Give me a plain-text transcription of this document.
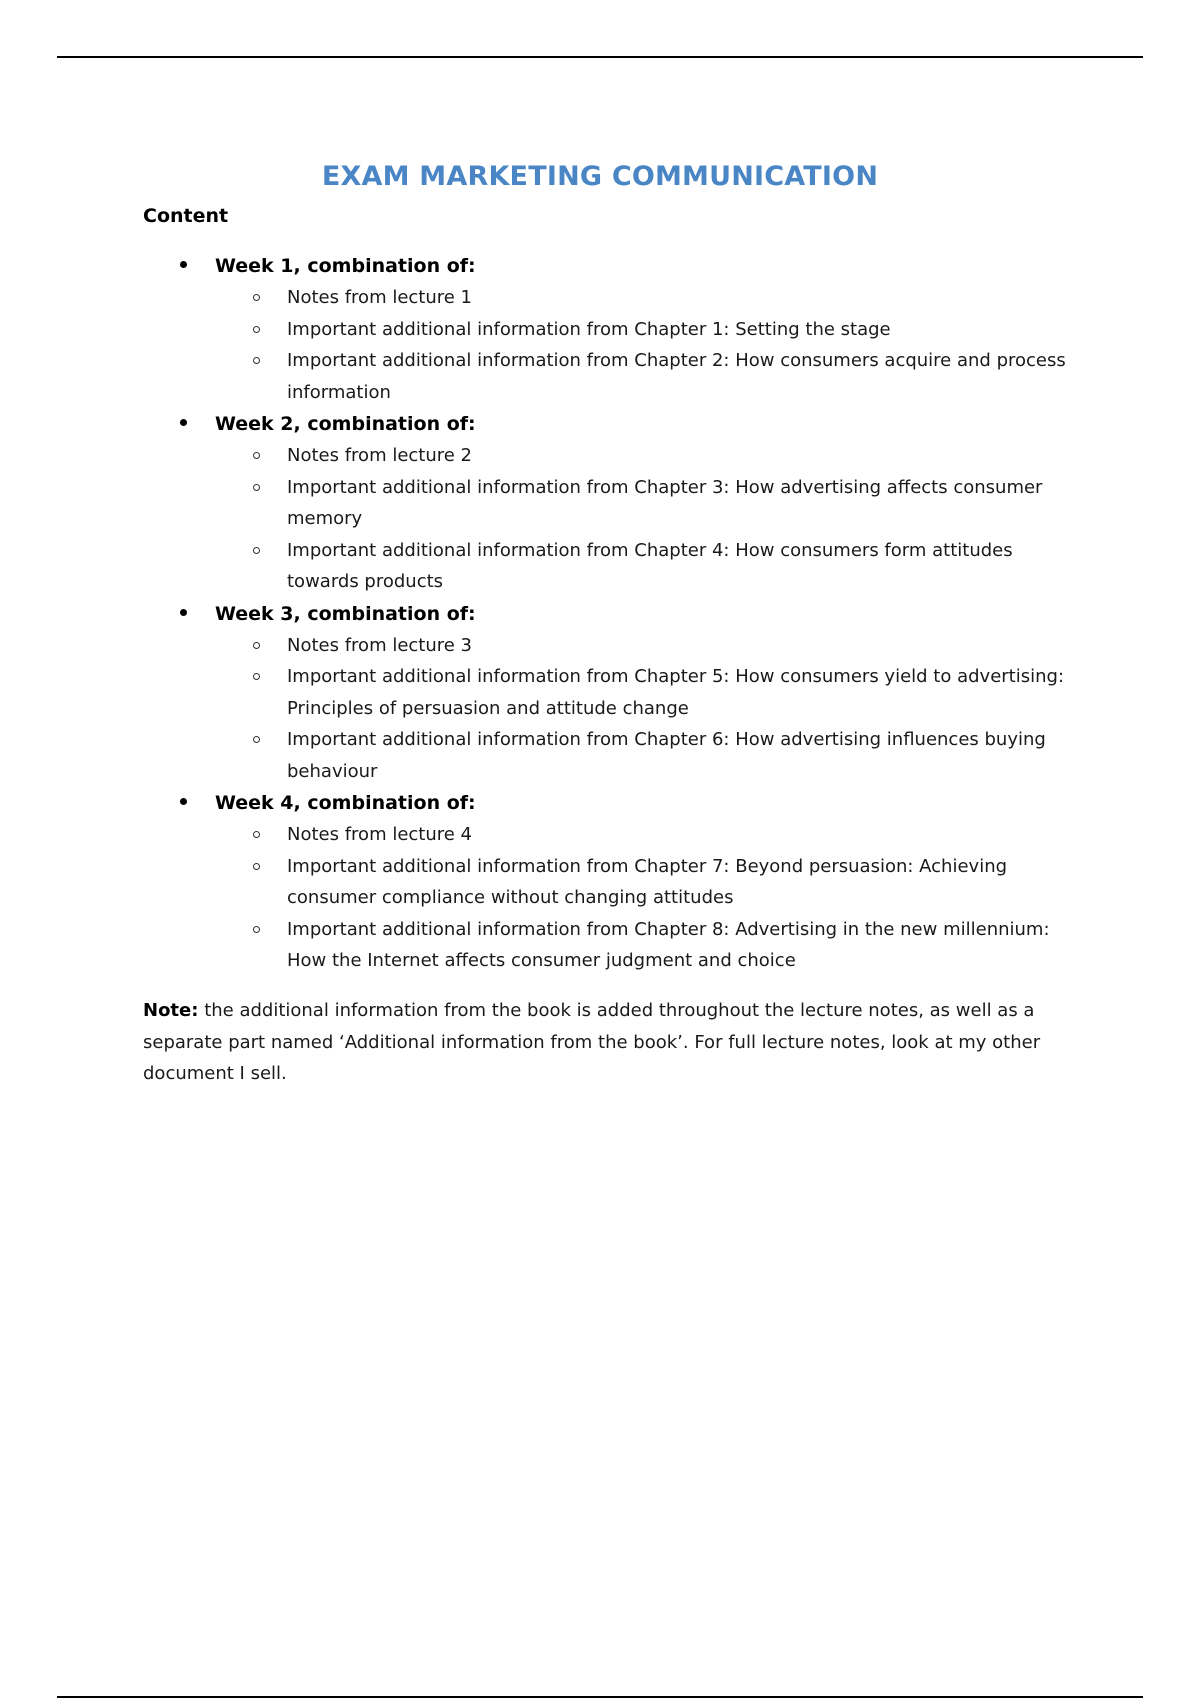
EXAM MARKETING COMMUNICATION
Content
Week 1, combination of:
Notes from lecture 1
Important additional information from Chapter 1: Setting the stage
Important additional information from Chapter 2: How consumers acquire and process information
Week 2, combination of:
Notes from lecture 2
Important additional information from Chapter 3: How advertising affects consumer memory
Important additional information from Chapter 4: How consumers form attitudes towards products
Week 3, combination of:
Notes from lecture 3
Important additional information from Chapter 5: How consumers yield to advertising: Principles of persuasion and attitude change
Important additional information from Chapter 6: How advertising influences buying behaviour
Week 4, combination of:
Notes from lecture 4
Important additional information from Chapter 7: Beyond persuasion: Achieving consumer compliance without changing attitudes
Important additional information from Chapter 8: Advertising in the new millennium: How the Internet affects consumer judgment and choice

Note: the additional information from the book is added throughout the lecture notes, as well as a separate part named ‘Additional information from the book’. For full lecture notes, look at my other document I sell.
